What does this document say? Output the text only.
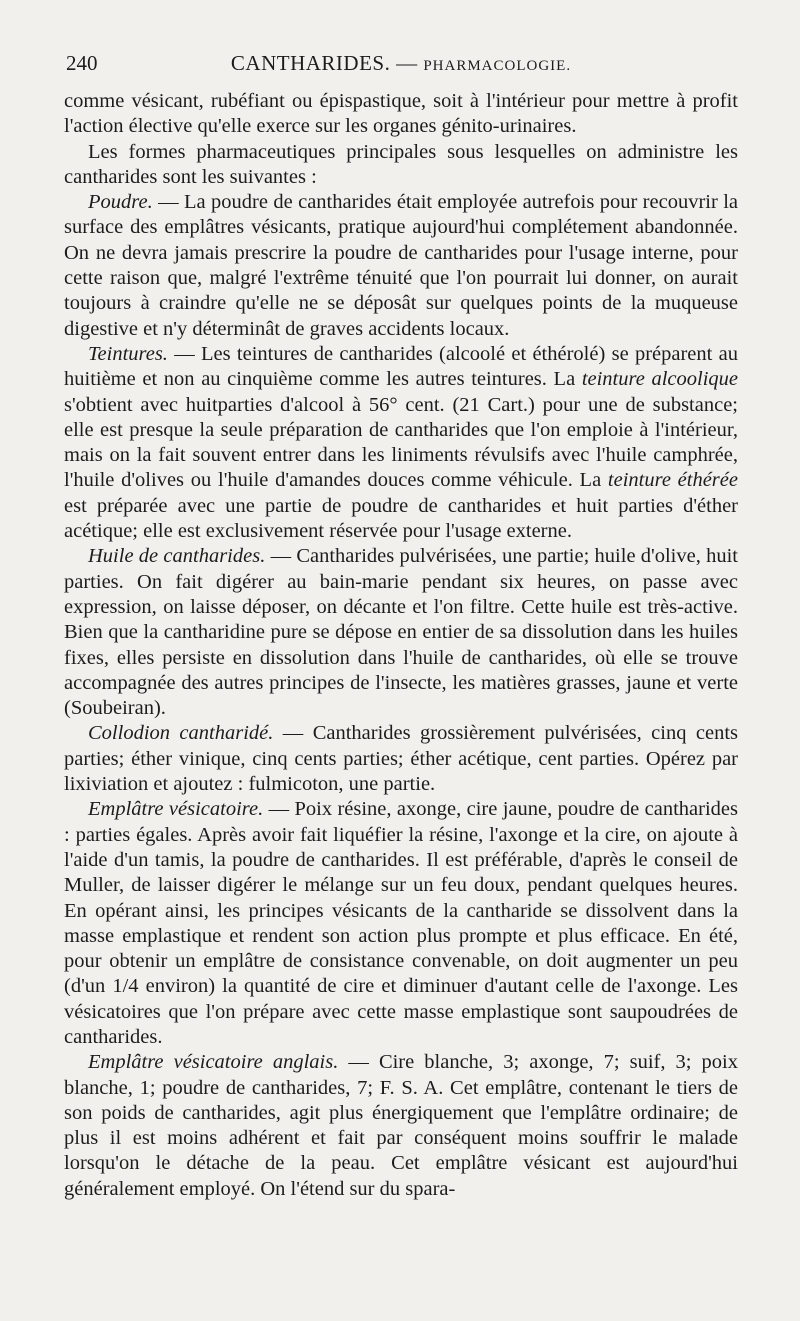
240	CANTHARIDES. — PHARMACOLOGIE.

comme vésicant, rubéfiant ou épispastique, soit à l'intérieur pour mettre à profit l'action élective qu'elle exerce sur les organes génito-urinaires.

Les formes pharmaceutiques principales sous lesquelles on administre les cantharides sont les suivantes :

Poudre. — La poudre de cantharides était employée autrefois pour recouvrir la surface des emplâtres vésicants, pratique aujourd'hui complétement abandonnée. On ne devra jamais prescrire la poudre de cantharides pour l'usage interne, pour cette raison que, malgré l'extrême ténuité que l'on pourrait lui donner, on aurait toujours à craindre qu'elle ne se déposât sur quelques points de la muqueuse digestive et n'y déterminât de graves accidents locaux.

Teintures. — Les teintures de cantharides (alcoolé et éthérolé) se préparent au huitième et non au cinquième comme les autres teintures. La teinture alcoolique s'obtient avec huitparties d'alcool à 56° cent. (21 Cart.) pour une de substance; elle est presque la seule préparation de cantharides que l'on emploie à l'intérieur, mais on la fait souvent entrer dans les liniments révulsifs avec l'huile camphrée, l'huile d'olives ou l'huile d'amandes douces comme véhicule. La teinture éthérée est préparée avec une partie de poudre de cantharides et huit parties d'éther acétique; elle est exclusivement réservée pour l'usage externe.

Huile de cantharides. — Cantharides pulvérisées, une partie; huile d'olive, huit parties. On fait digérer au bain-marie pendant six heures, on passe avec expression, on laisse déposer, on décante et l'on filtre. Cette huile est très-active. Bien que la cantharidine pure se dépose en entier de sa dissolution dans les huiles fixes, elles persiste en dissolution dans l'huile de cantharides, où elle se trouve accompagnée des autres principes de l'insecte, les matières grasses, jaune et verte (Soubeiran).

Collodion cantharidé. — Cantharides grossièrement pulvérisées, cinq cents parties; éther vinique, cinq cents parties; éther acétique, cent parties. Opérez par lixiviation et ajoutez : fulmicoton, une partie.

Emplâtre vésicatoire. — Poix résine, axonge, cire jaune, poudre de cantharides : parties égales. Après avoir fait liquéfier la résine, l'axonge et la cire, on ajoute à l'aide d'un tamis, la poudre de cantharides. Il est préférable, d'après le conseil de Muller, de laisser digérer le mélange sur un feu doux, pendant quelques heures. En opérant ainsi, les principes vésicants de la cantharide se dissolvent dans la masse emplastique et rendent son action plus prompte et plus efficace. En été, pour obtenir un emplâtre de consistance convenable, on doit augmenter un peu (d'un 1/4 environ) la quantité de cire et diminuer d'autant celle de l'axonge. Les vésicatoires que l'on prépare avec cette masse emplastique sont saupoudrées de cantharides.

Emplâtre vésicatoire anglais. — Cire blanche, 3; axonge, 7; suif, 3; poix blanche, 1; poudre de cantharides, 7; F. S. A. Cet emplâtre, contenant le tiers de son poids de cantharides, agit plus énergiquement que l'emplâtre ordinaire; de plus il est moins adhérent et fait par conséquent moins souffrir le malade lorsqu'on le détache de la peau. Cet emplâtre vésicant est aujourd'hui généralement employé. On l'étend sur du spara-
